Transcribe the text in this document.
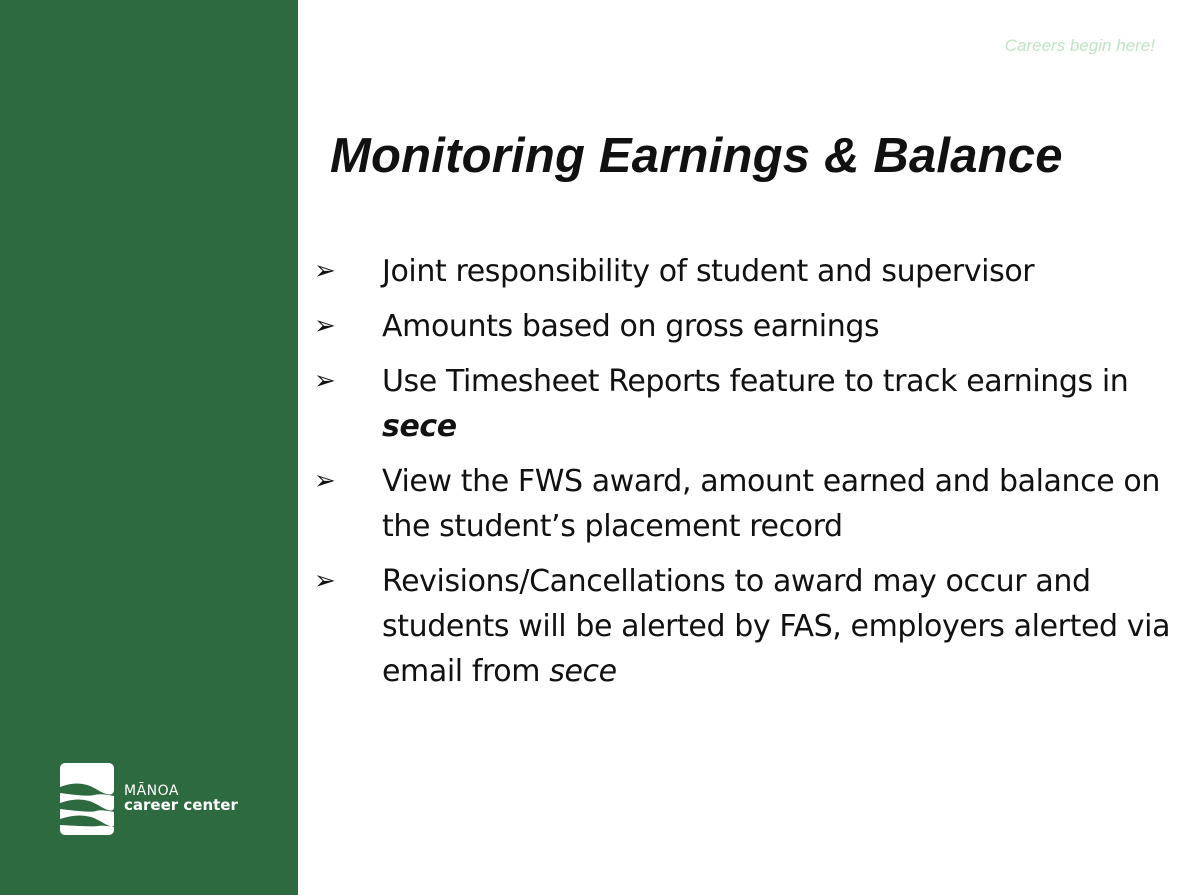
MĀNOA
career center
Careers begin here!
Monitoring Earnings & Balance
➢	Joint responsibility of student and supervisor
➢	Amounts based on gross earnings
➢	Use Timesheet Reports feature to track earnings in
sece
➢	View the FWS award, amount earned and balance on the student’s placement record
➢	Revisions/Cancellations to award may occur and students will be alerted by FAS, employers alerted via email from sece
